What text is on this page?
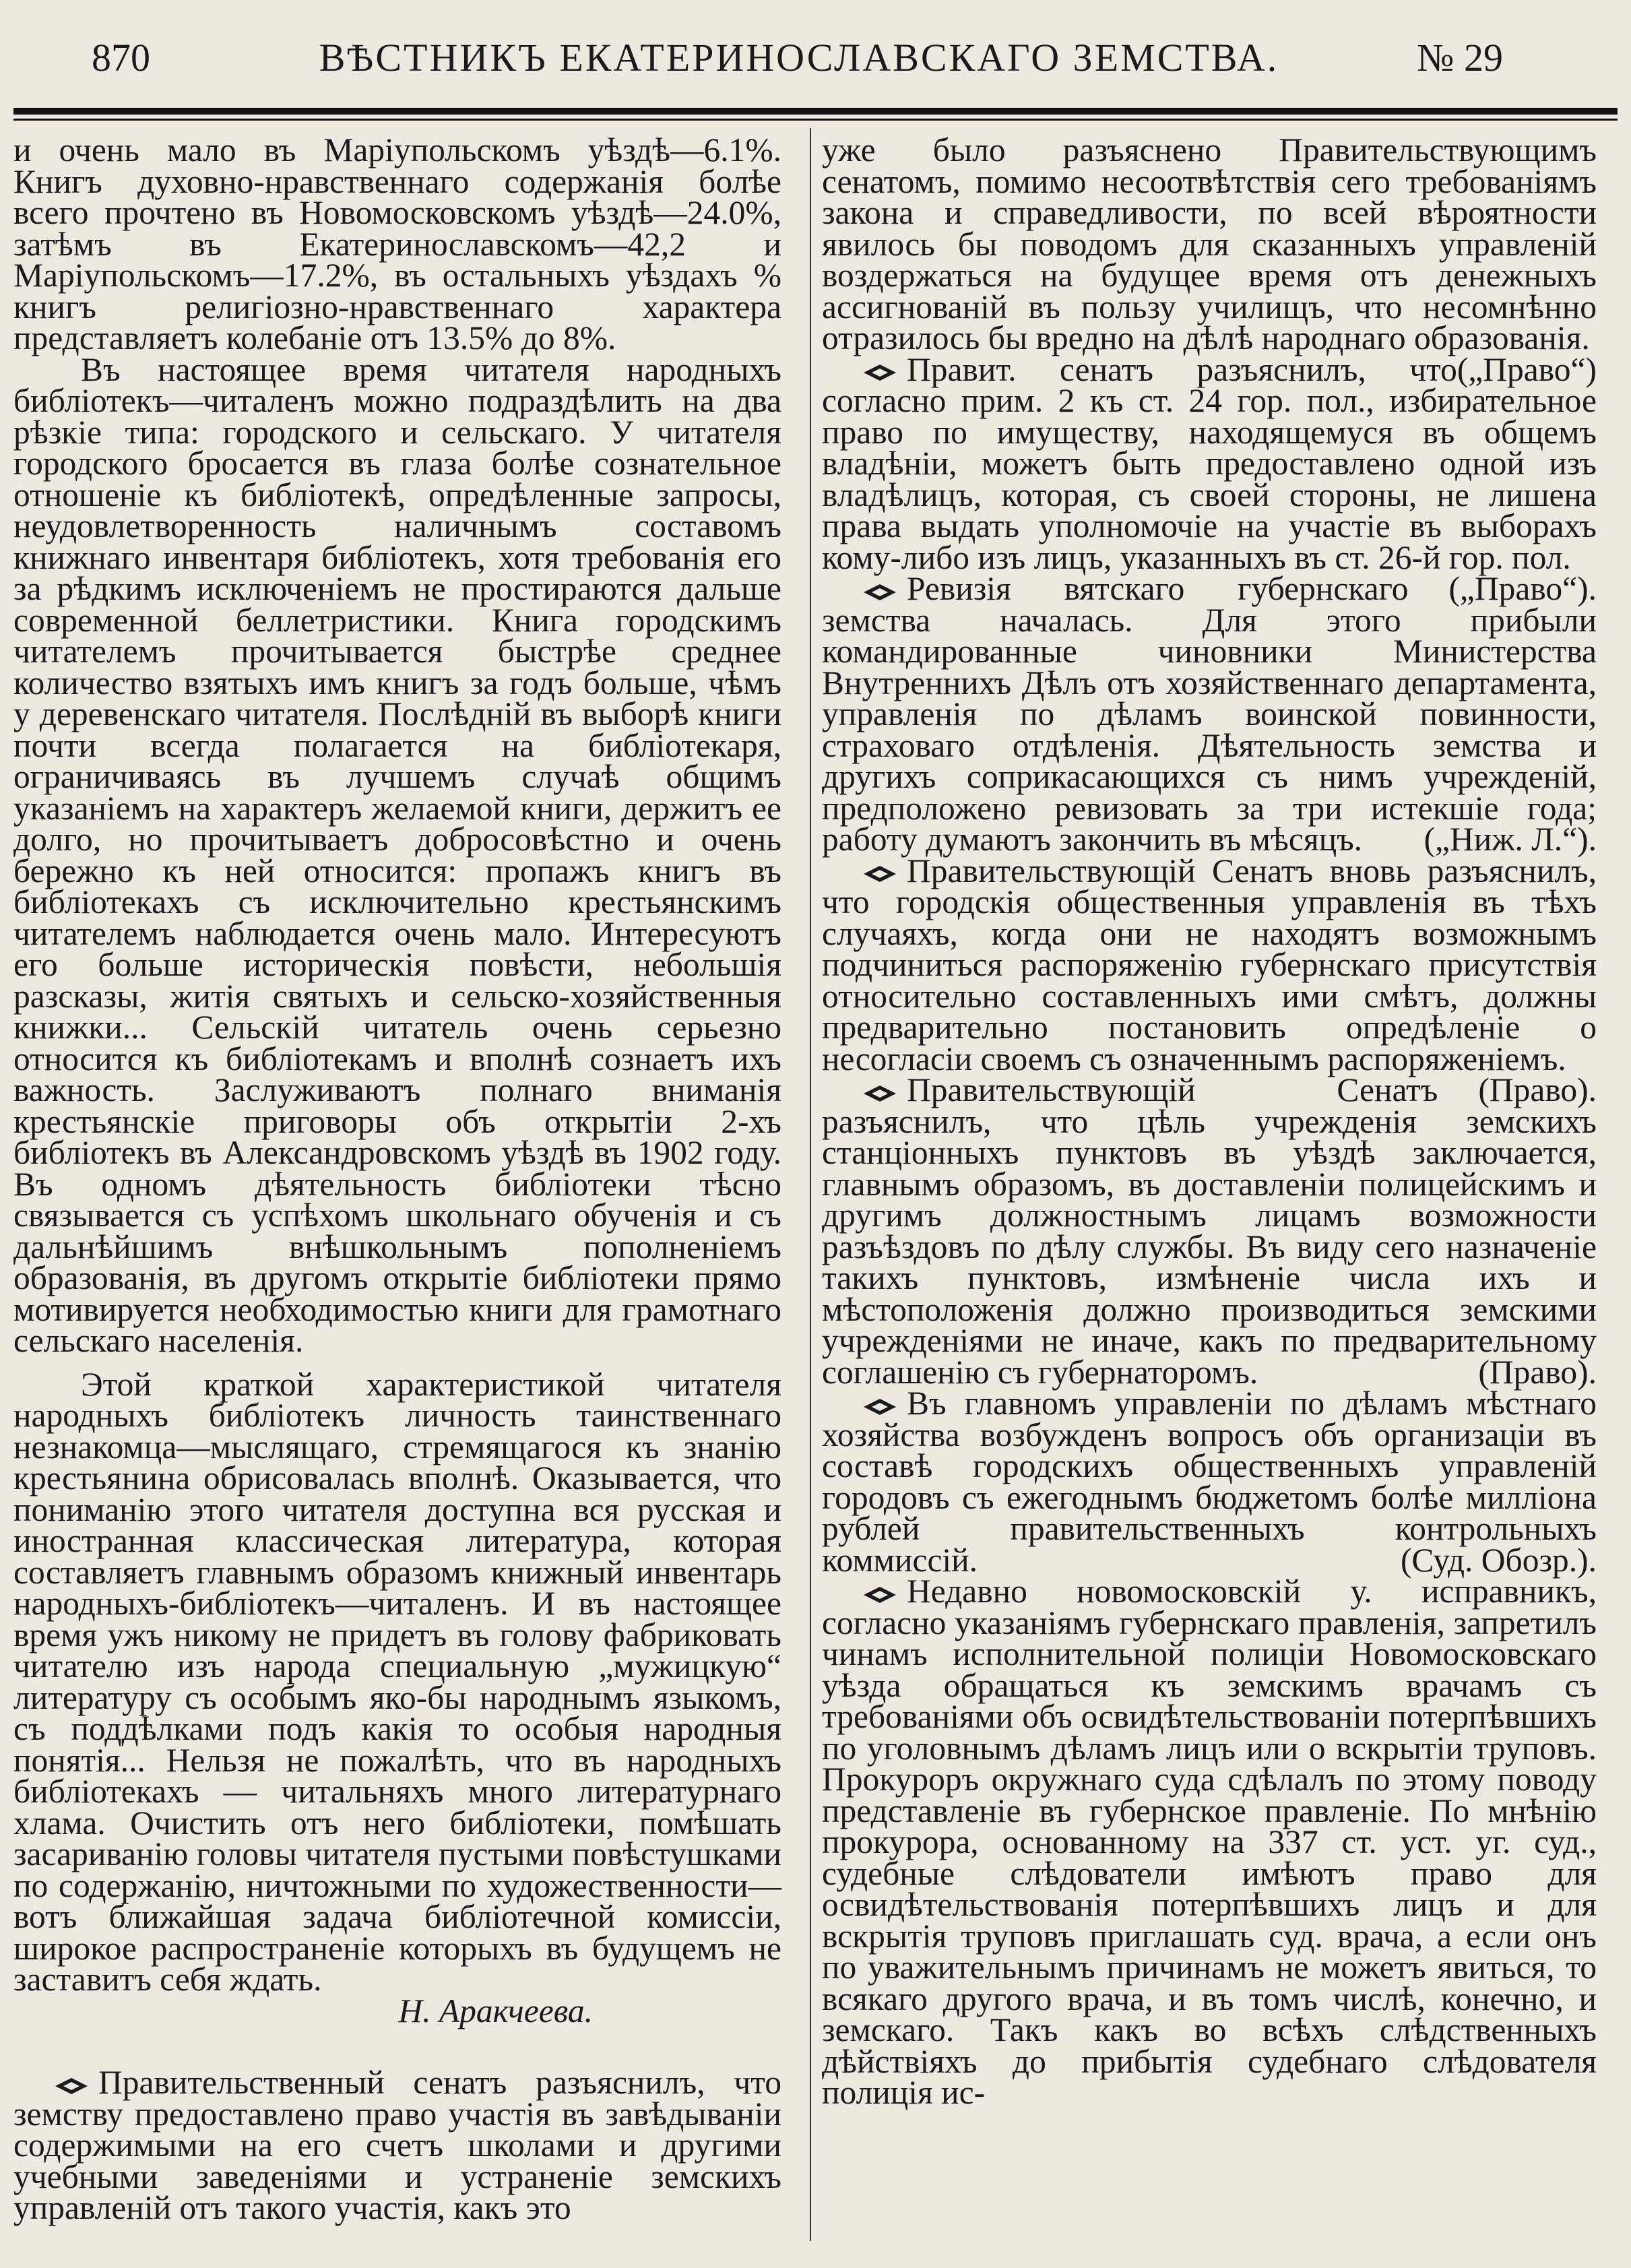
870	ВѢСТНИКЪ ЕКАТЕРИНОСЛАВСКАГО ЗЕМСТВА.	№ 29

и очень мало въ Маріупольскомъ уѣздѣ—6.1%. Книгъ духовно-нравственнаго содержанія болѣе всего прочтено въ Новомосковскомъ уѣздѣ—24.0%, затѣмъ въ Екатеринославскомъ—42,2 и Маріупольскомъ—17.2%, въ остальныхъ уѣздахъ % книгъ религіозно-нравственнаго характера представляетъ колебаніе отъ 13.5% до 8%.

Въ настоящее время читателя народныхъ библіотекъ—читаленъ можно подраздѣлить на два рѣзкіе типа: городского и сельскаго. У читателя городского бросается въ глаза болѣе сознательное отношеніе къ библіотекѣ, опредѣленные запросы, неудовлетворенность наличнымъ составомъ книжнаго инвентаря библіотекъ, хотя требованія его за рѣдкимъ исключеніемъ не простираются дальше современной беллетристики. Книга городскимъ читателемъ прочитывается быстрѣе среднее количество взятыхъ имъ книгъ за годъ больше, чѣмъ у деревенскаго читателя. Послѣдній въ выборѣ книги почти всегда полагается на библіотекаря, ограничиваясь въ лучшемъ случаѣ общимъ указаніемъ на характеръ желаемой книги, держитъ ее долго, но прочитываетъ добросовѣстно и очень бережно къ ней относится: пропажъ книгъ въ библіотекахъ съ исключительно крестьянскимъ читателемъ наблюдается очень мало. Интересуютъ его больше историческія повѣсти, небольшія разсказы, житія святыхъ и сельско-хозяйственныя книжки... Сельскій читатель очень серьезно относится къ библіотекамъ и вполнѣ сознаетъ ихъ важность. Заслуживаютъ полнаго вниманія крестьянскіе приговоры объ открытіи 2-хъ библіотекъ въ Александровскомъ уѣздѣ въ 1902 году. Въ одномъ дѣятельность библіотеки тѣсно связывается съ успѣхомъ школьнаго обученія и съ дальнѣйшимъ внѣшкольнымъ пополненіемъ образованія, въ другомъ открытіе библіотеки прямо мотивируется необходимостью книги для грамотнаго сельскаго населенія.

Этой краткой характеристикой читателя народныхъ библіотекъ личность таинственнаго незнакомца—мыслящаго, стремящагося къ знанію крестьянина обрисовалась вполнѣ. Оказывается, что пониманію этого читателя доступна вся русская и иностранная классическая литература, которая составляетъ главнымъ образомъ книжный инвентарь народныхъ-библіотекъ—читаленъ. И въ настоящее время ужъ никому не придетъ въ голову фабриковать читателю изъ народа специальную „мужицкую“ литературу съ особымъ яко-бы народнымъ языкомъ, съ поддѣлками подъ какія то особыя народныя понятія... Нельзя не пожалѣть, что въ народныхъ библіотекахъ — читальняхъ много литературнаго хлама. Очистить отъ него библіотеки, помѣшать засариванію головы читателя пустыми повѣстушками по содержанію, ничтожными по художественности—вотъ ближайшая задача библіотечной комиссіи, широкое распространеніе которыхъ въ будущемъ не заставитъ себя ждать.

Н. Аракчеева.

Правительственный сенатъ разъяснилъ, что земству предоставлено право участія въ завѣдываніи содержимыми на его счетъ школами и другими учебными заведеніями и устраненіе земскихъ управленій отъ такого участія, какъ это

уже было разъяснено Правительствующимъ сенатомъ, помимо несоотвѣтствія сего требованіямъ закона и справедливости, по всей вѣроятности явилось бы поводомъ для сказанныхъ управленій воздержаться на будущее время отъ денежныхъ ассигнованій въ пользу училищъ, что несомнѣнно отразилось бы вредно на дѣлѣ народнаго образованія.
(„Право“)

Правит. сенатъ разъяснилъ, что согласно прим. 2 къ ст. 24 гор. пол., избирательное право по имуществу, находящемуся въ общемъ владѣніи, можетъ быть предоставлено одной изъ владѣлицъ, которая, съ своей стороны, не лишена права выдать уполномочіе на участіе въ выборахъ кому-либо изъ лицъ, указанныхъ въ ст. 26-й гор. пол.
(„Право“).

Ревизія вятскаго губернскаго земства началась. Для этого прибыли командированные чиновники Министерства Внутреннихъ Дѣлъ отъ хозяйственнаго департамента, управленія по дѣламъ воинской повинности, страховаго отдѣленія. Дѣятельность земства и другихъ соприкасающихся съ нимъ учрежденій, предположено ревизовать за три истекшіе года; работу думаютъ закончить въ мѣсяцъ.	(„Ниж. Л.“).

Правительствующій Сенатъ вновь разъяснилъ, что городскія общественныя управленія въ тѣхъ случаяхъ, когда они не находятъ возможнымъ подчиниться распоряженію губернскаго присутствія относительно составленныхъ ими смѣтъ, должны предварительно постановить опредѣленіе о несогласіи своемъ съ означеннымъ распоряженіемъ.
(Право).

Правительствующій Сенатъ разъяснилъ, что цѣль учрежденія земскихъ станціонныхъ пунктовъ въ уѣздѣ заключается, главнымъ образомъ, въ доставленіи полицейскимъ и другимъ должностнымъ лицамъ возможности разъѣздовъ по дѣлу службы. Въ виду сего назначеніе такихъ пунктовъ, измѣненіе числа ихъ и мѣстоположенія должно производиться земскими учрежденіями не иначе, какъ по предварительному соглашенію съ губернаторомъ.	(Право).

Въ главномъ управленіи по дѣламъ мѣстнаго хозяйства возбужденъ вопросъ объ организаціи въ составѣ городскихъ общественныхъ управленій городовъ съ ежегоднымъ бюджетомъ болѣе милліона рублей правительственныхъ контрольныхъ коммиссій.	(Суд. Обозр.).

Недавно новомосковскій у. исправникъ, согласно указаніямъ губернскаго правленія, запретилъ чинамъ исполнительной полиціи Новомосковскаго уѣзда обращаться къ земскимъ врачамъ съ требованіями объ освидѣтельствованіи потерпѣвшихъ по уголовнымъ дѣламъ лицъ или о вскрытіи труповъ. Прокуроръ окружнаго суда сдѣлалъ по этому поводу представленіе въ губернское правленіе. По мнѣнію прокурора, основанному на 337 ст. уст. уг. суд., судебные слѣдователи имѣютъ право для освидѣтельствованія потерпѣвшихъ лицъ и для вскрытія труповъ приглашать суд. врача, а если онъ по уважительнымъ причинамъ не можетъ явиться, то всякаго другого врача, и въ томъ числѣ, конечно, и земскаго. Такъ какъ во всѣхъ слѣдственныхъ дѣйствіяхъ до прибытія судебнаго слѣдователя полиція ис-
